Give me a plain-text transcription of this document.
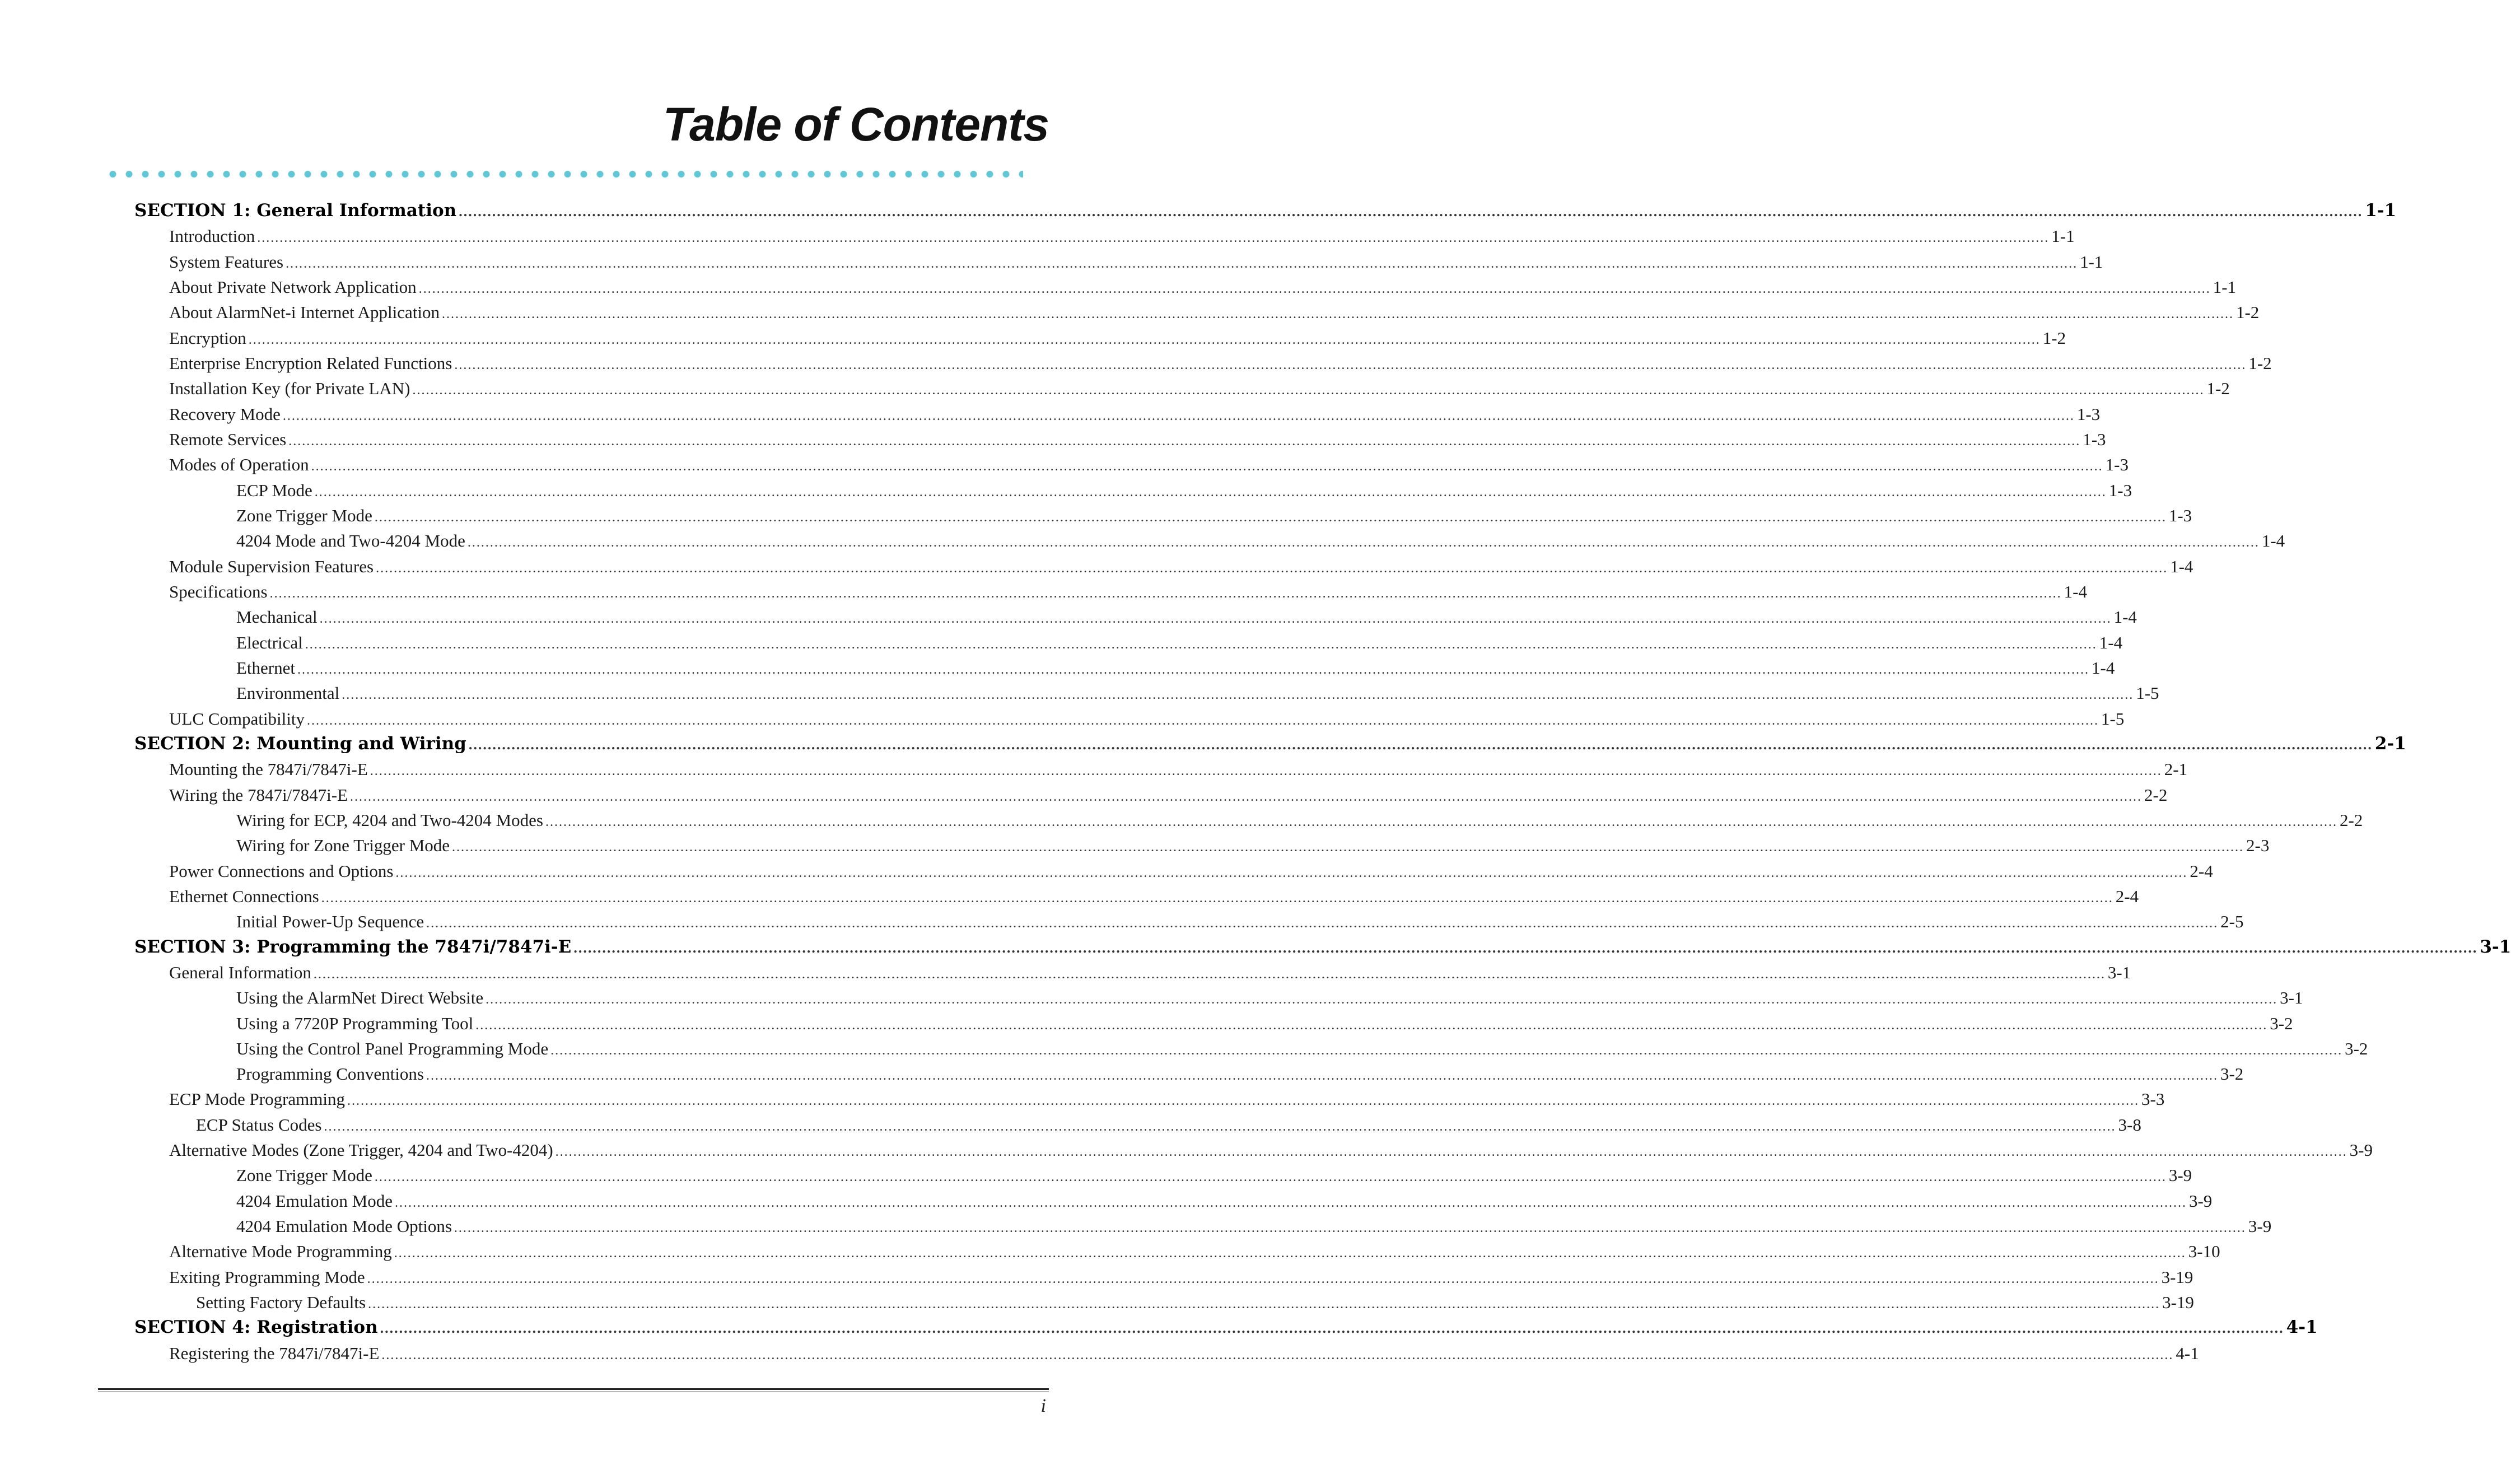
Table of Contents
SECTION 1: General Information ................................................................................................................................................................................................................................................................................................................................................................................................................ 1-1
Introduction ................................................................................................................................................................................................................................................................................................................................................................................................................ 1-1
System Features ................................................................................................................................................................................................................................................................................................................................................................................................................ 1-1
About Private Network Application ................................................................................................................................................................................................................................................................................................................................................................................................................ 1-1
About AlarmNet-i Internet Application ................................................................................................................................................................................................................................................................................................................................................................................................................ 1-2
Encryption ................................................................................................................................................................................................................................................................................................................................................................................................................ 1-2
Enterprise Encryption Related Functions ................................................................................................................................................................................................................................................................................................................................................................................................................ 1-2
Installation Key (for Private LAN) ................................................................................................................................................................................................................................................................................................................................................................................................................ 1-2
Recovery Mode ................................................................................................................................................................................................................................................................................................................................................................................................................ 1-3
Remote Services ................................................................................................................................................................................................................................................................................................................................................................................................................ 1-3
Modes of Operation ................................................................................................................................................................................................................................................................................................................................................................................................................ 1-3
ECP Mode ................................................................................................................................................................................................................................................................................................................................................................................................................ 1-3
Zone Trigger Mode ................................................................................................................................................................................................................................................................................................................................................................................................................ 1-3
4204 Mode and Two-4204 Mode ................................................................................................................................................................................................................................................................................................................................................................................................................ 1-4
Module Supervision Features ................................................................................................................................................................................................................................................................................................................................................................................................................ 1-4
Specifications ................................................................................................................................................................................................................................................................................................................................................................................................................ 1-4
Mechanical ................................................................................................................................................................................................................................................................................................................................................................................................................ 1-4
Electrical ................................................................................................................................................................................................................................................................................................................................................................................................................ 1-4
Ethernet ................................................................................................................................................................................................................................................................................................................................................................................................................ 1-4
Environmental ................................................................................................................................................................................................................................................................................................................................................................................................................ 1-5
ULC Compatibility ................................................................................................................................................................................................................................................................................................................................................................................................................ 1-5
SECTION 2: Mounting and Wiring ................................................................................................................................................................................................................................................................................................................................................................................................................ 2-1
Mounting the 7847i/7847i-E ................................................................................................................................................................................................................................................................................................................................................................................................................ 2-1
Wiring the 7847i/7847i-E ................................................................................................................................................................................................................................................................................................................................................................................................................ 2-2
Wiring for ECP, 4204 and Two-4204 Modes ................................................................................................................................................................................................................................................................................................................................................................................................................ 2-2
Wiring for Zone Trigger Mode ................................................................................................................................................................................................................................................................................................................................................................................................................ 2-3
Power Connections and Options ................................................................................................................................................................................................................................................................................................................................................................................................................ 2-4
Ethernet Connections ................................................................................................................................................................................................................................................................................................................................................................................................................ 2-4
Initial Power-Up Sequence ................................................................................................................................................................................................................................................................................................................................................................................................................ 2-5
SECTION 3: Programming the 7847i/7847i-E ................................................................................................................................................................................................................................................................................................................................................................................................................ 3-1
General Information ................................................................................................................................................................................................................................................................................................................................................................................................................ 3-1
Using the AlarmNet Direct Website ................................................................................................................................................................................................................................................................................................................................................................................................................ 3-1
Using a 7720P Programming Tool ................................................................................................................................................................................................................................................................................................................................................................................................................ 3-2
Using the Control Panel Programming Mode ................................................................................................................................................................................................................................................................................................................................................................................................................ 3-2
Programming Conventions ................................................................................................................................................................................................................................................................................................................................................................................................................ 3-2
ECP Mode Programming ................................................................................................................................................................................................................................................................................................................................................................................................................ 3-3
ECP Status Codes ................................................................................................................................................................................................................................................................................................................................................................................................................ 3-8
Alternative Modes (Zone Trigger, 4204 and Two-4204) ................................................................................................................................................................................................................................................................................................................................................................................................................ 3-9
Zone Trigger Mode ................................................................................................................................................................................................................................................................................................................................................................................................................ 3-9
4204 Emulation Mode ................................................................................................................................................................................................................................................................................................................................................................................................................ 3-9
4204 Emulation Mode Options ................................................................................................................................................................................................................................................................................................................................................................................................................ 3-9
Alternative Mode Programming ................................................................................................................................................................................................................................................................................................................................................................................................................ 3-10
Exiting Programming Mode ................................................................................................................................................................................................................................................................................................................................................................................................................ 3-19
Setting Factory Defaults ................................................................................................................................................................................................................................................................................................................................................................................................................ 3-19
SECTION 4: Registration ................................................................................................................................................................................................................................................................................................................................................................................................................ 4-1
Registering the 7847i/7847i-E ................................................................................................................................................................................................................................................................................................................................................................................................................ 4-1
i
